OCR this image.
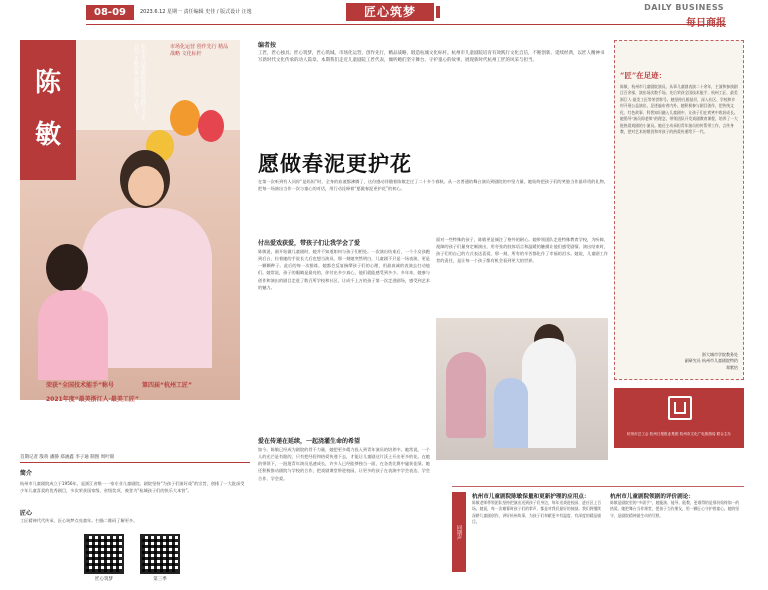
08-09	2023.6.12 星期一 责任编辑 史佳 / 版式设计 汪逸	匠心筑梦	DAILY BUSINESS
陈
敏
杭州市儿童剧院培育有效践行 文化自信 不断创新 延续经典 工程人	市场化运营 创作先行 精品战略 文化标杆
荣获“全国技术能手”称号	第四届“杭州工匠”
2021年度“最美浙江人·最美工匠”
编者按
工匠，匠心独具；匠心筑梦，匠心筑城。市场化运营，创作先行，精品战略，锻造杭城文化标杆。杭州市儿童剧院培育有效践行文化自信，不断创新、延续经典，以匠人精神书写新时代文化传承的动人篇章。本期我们走近儿童剧院工匠代表，倾听她们坚守舞台、守护童心的故事，展现新时代杭州工匠的风采与担当。
愿做春泥更护花
在第一次听到有人问你“是妈妈”时，全身的血液都沸腾了，这份感动伴随着陈敏走过了二十多个春秋。从一名普通的舞台演员到剧院的中坚力量，她始终把孩子们的笑脸当作最珍贵的礼物，把每一场演出当作一次与童心的对话，用行动诠释着“愿做春泥更护花”的初心。
付出爱戏获爱，带孩子们让我学会了爱
陈敏说，刚开始做儿童剧时，她并不知道如何与孩子们相处。一次演出结束后，一个小女孩跑到后台，拉着她的手说长大后也想当演员。那一刻她突然明白，儿童剧不只是一场表演，更是一颗颗种子。此后的每一次排练，她都会反复揣摩孩子们的心理，用最真诚的表演去打动他们。她常说，孩子的眼睛是最亮的，你付出多少真心，他们就能感受到多少。多年来，她参与创作和演出的剧目走进了数百所学校和社区，让成千上万的孩子第一次走进剧场，感受到艺术的魅力。
面对一些特殊的孩子，陈敏更是倾注了格外的耐心。她带领团队走进特殊教育学校，为听障、视障的孩子们量身定制演出，用夸张的肢体语言和温暖的触摸让他们感受剧情。演出结束时，孩子们用自己的方式表达喜爱，那一刻，所有的辛苦都化作了幸福的泪水。她说，儿童剧工作者的责任，是让每一个孩子都有机会看到更大的世界。
爱在传递在延续，一起浇灌生命的希望
如今，陈敏已经成为剧院的骨干力量，她把更多精力投入到青年演员的培养中。她常说，一个人的光芒是有限的，只有把经验和热爱传递下去，才能让儿童剧这片沃土开出更多的花。在她的带领下，一批批青年演员迅速成长，许多人已经能够独当一面，在各类比赛中屡获佳绩。她还积极推动剧院与学校的合作，把戏剧课堂带进校园，让更多的孩子在表演中学会表达、学会合作、学会爱。
“匠”在足迹：
陈敏，杭州市儿童剧院演员。从事儿童剧表演二十余年，主演和参演剧目百余部，演出场次数千场。先后荣获全国技术能手、杭州工匠、最美浙江人·最美工匠等荣誉称号。她坚持扎根基层，深入社区、学校和乡村开展公益演出，足迹遍布省内外。她积极参与剧目创作，把传统文化、红色故事、科普知识融入儿童剧中，让孩子们在欢笑中收获成长。她倡导“演员即老师”的理念，带领团队开发戏剧教育课程，培养了一大批热爱戏剧的小演员。她还主动承担青年演员的传帮带工作，言传身教，把对艺术的敬畏和对孩子的热爱传递给下一代。
浙大城市学院教务处
副研究员 杭州市儿童剧院特约
郑紫怡
杭州市总工会 杭州日报报业集团 杭州市文化广电旅游局 联合主办
首期记者 殷蒋 潘静 郑涵鑫 李子通 制图 周叶锦
简介
杭州市儿童剧院成立于1956年，是浙江省唯一一家专业儿童剧院。剧院坚持“为孩子们演好戏”的宗旨，创排了一大批深受少年儿童喜爱的优秀剧目，多次荣获国家级、省级奖项，被誉为“杭城孩子们的快乐大本营”。
匠心
工匠精神代代传承，匠心筑梦点亮童年。扫描二维码了解更多。
匠心筑梦	第三季
同期声
杭州市儿童剧院陈敏保量和更新护理的应用点：
陈敏老师带领团队坚持把演出送到孩子们身边，每年送戏进校园、进社区上百场。她说，每一次谢幕时孩子们的掌声，都是对我们最好的鼓励。我们将继续深耕儿童剧创作，讲好杭州故事，为孩子们奉献更多有温度、有深度的精品剧目。
杭州市儿童剧院领剧的评价剧论：
陈敏是剧院里的“多面手”，她能演、能导、能教，更难得的是那份始终如一的热爱。她把舞台当作课堂，把孩子当作朋友，用一颗匠心守护着童心。她的坚守，是剧院精神最生动的写照。
